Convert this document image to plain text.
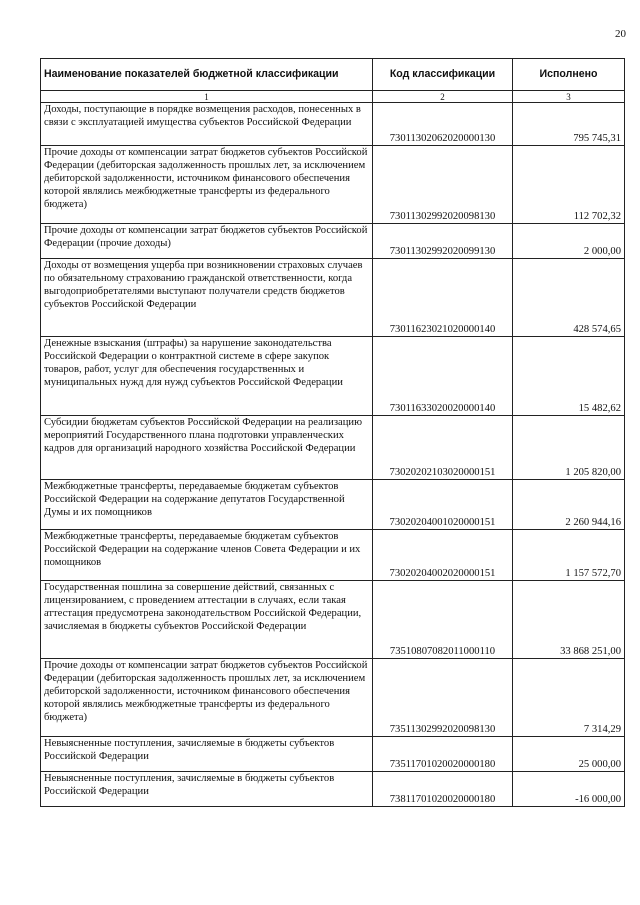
20
Наименование показателей бюджетной классификации	Код классификации	Исполнено
1	2	3
Доходы, поступающие в порядке возмещения расходов, понесенных в связи с эксплуатацией имущества субъектов Российской Федерации	73011302062020000130	795 745,31
Прочие доходы от компенсации затрат бюджетов субъектов Российской Федерации (дебиторская задолженность прошлых лет, за исключением дебиторской задолженности, источником финансового обеспечения которой являлись межбюджетные трансферты из федерального бюджета)	73011302992020098130	112 702,32
Прочие доходы от компенсации затрат бюджетов субъектов Российской Федерации (прочие доходы)	73011302992020099130	2 000,00
Доходы от возмещения ущерба при возникновении страховых случаев по обязательному страхованию гражданской ответственности, когда выгодоприобретателями выступают получатели средств бюджетов субъектов Российской Федерации	73011623021020000140	428 574,65
Денежные взыскания (штрафы) за нарушение законодательства Российской Федерации о контрактной системе в сфере закупок товаров, работ, услуг для обеспечения государственных и муниципальных нужд для нужд субъектов Российской Федерации	73011633020020000140	15 482,62
Субсидии бюджетам субъектов Российской Федерации на реализацию мероприятий Государственного плана подготовки управленческих кадров для организаций народного хозяйства Российской Федерации	73020202103020000151	1 205 820,00
Межбюджетные трансферты, передаваемые бюджетам субъектов Российской Федерации на содержание депутатов Государственной Думы и их помощников	73020204001020000151	2 260 944,16
Межбюджетные трансферты, передаваемые бюджетам субъектов Российской Федерации на содержание членов Совета Федерации и их помощников	73020204002020000151	1 157 572,70
Государственная пошлина за совершение действий, связанных с лицензированием, с проведением аттестации в случаях, если такая аттестация предусмотрена законодательством Российской Федерации, зачисляемая в бюджеты субъектов Российской Федерации	73510807082011000110	33 868 251,00
Прочие доходы от компенсации затрат бюджетов субъектов Российской Федерации (дебиторская задолженность прошлых лет, за исключением дебиторской задолженности, источником финансового обеспечения которой являлись межбюджетные трансферты из федерального бюджета)	73511302992020098130	7 314,29
Невыясненные поступления, зачисляемые в бюджеты субъектов Российской Федерации	73511701020020000180	25 000,00
Невыясненные поступления, зачисляемые в бюджеты субъектов Российской Федерации	73811701020020000180	-16 000,00
